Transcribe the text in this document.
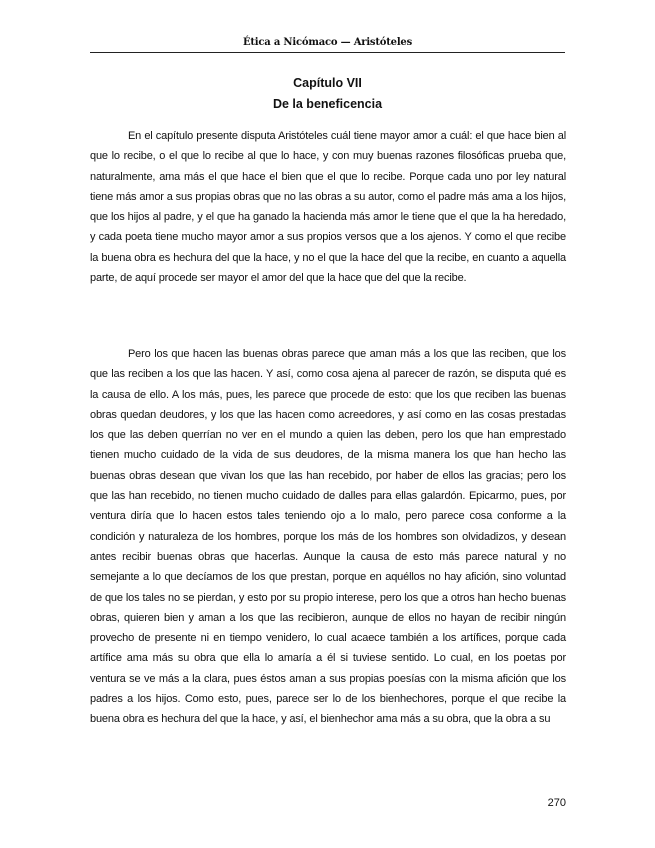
Ética a Nicómaco — Aristóteles
Capítulo VII
De la beneficencia

En el capítulo presente disputa Aristóteles cuál tiene mayor amor a cuál: el que hace bien al que lo recibe, o el que lo recibe al que lo hace, y con muy buenas razones filosóficas prueba que, naturalmente, ama más el que hace el bien que el que lo recibe. Porque cada uno por ley natural tiene más amor a sus propias obras que no las obras a su autor, como el padre más ama a los hijos, que los hijos al padre, y el que ha ganado la hacienda más amor le tiene que el que la ha heredado, y cada poeta tiene mucho mayor amor a sus propios versos que a los ajenos. Y como el que recibe la buena obra es hechura del que la hace, y no el que la hace del que la recibe, en cuanto a aquella parte, de aquí procede ser mayor el amor del que la hace que del que la recibe.

Pero los que hacen las buenas obras parece que aman más a los que las reciben, que los que las reciben a los que las hacen. Y así, como cosa ajena al parecer de razón, se disputa qué es la causa de ello. A los más, pues, les parece que procede de esto: que los que reciben las buenas obras quedan deudores, y los que las hacen como acreedores, y así como en las cosas prestadas los que las deben querrían no ver en el mundo a quien las deben, pero los que han emprestado tienen mucho cuidado de la vida de sus deudores, de la misma manera los que han hecho las buenas obras desean que vivan los que las han recebido, por haber de ellos las gracias; pero los que las han recebido, no tienen mucho cuidado de dalles para ellas galardón. Epicarmo, pues, por ventura diría que lo hacen estos tales teniendo ojo a lo malo, pero parece cosa conforme a la condición y naturaleza de los hombres, porque los más de los hombres son olvidadizos, y desean antes recibir buenas obras que hacerlas. Aunque la causa de esto más parece natural y no semejante a lo que decíamos de los que prestan, porque en aquéllos no hay afición, sino voluntad de que los tales no se pierdan, y esto por su propio interese, pero los que a otros han hecho buenas obras, quieren bien y aman a los que las recibieron, aunque de ellos no hayan de recibir ningún provecho de presente ni en tiempo venidero, lo cual acaece también a los artífices, porque cada artífice ama más su obra que ella lo amaría a él si tuviese sentido. Lo cual, en los poetas por ventura se ve más a la clara, pues éstos aman a sus propias poesías con la misma afición que los padres a los hijos. Como esto, pues, parece ser lo de los bienhechores, porque el que recibe la buena obra es hechura del que la hace, y así, el bienhechor ama más a su obra, que la obra a su

270
